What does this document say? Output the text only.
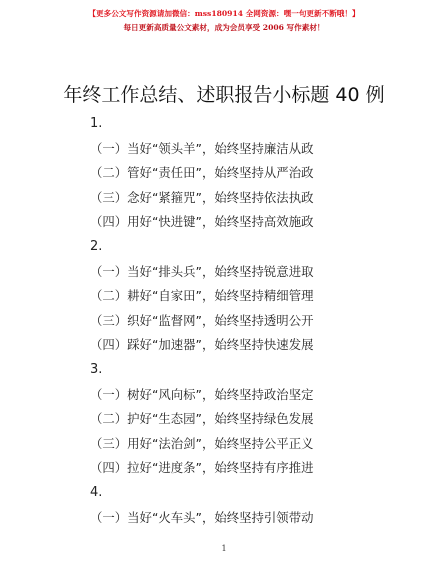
【更多公文写作资源请加微信：mss180914 全网资源：嘿一句更新不断哦！】
每日更新高质量公文素材，成为会员享受 2006 写作素材！
年终工作总结、述职报告小标题 40 例
1.
（一）当好“领头羊”，始终坚持廉洁从政
（二）管好“责任田”，始终坚持从严治政
（三）念好“紧箍咒”，始终坚持依法执政
（四）用好“快进键”，始终坚持高效施政
2.
（一）当好“排头兵”，始终坚持锐意进取
（二）耕好“自家田”，始终坚持精细管理
（三）织好“监督网”，始终坚持透明公开
（四）踩好“加速器”，始终坚持快速发展
3.
（一）树好“风向标”，始终坚持政治坚定
（二）护好“生态园”，始终坚持绿色发展
（三）用好“法治剑”，始终坚持公平正义
（四）拉好“进度条”，始终坚持有序推进
4.
（一）当好“火车头”，始终坚持引领带动
1
